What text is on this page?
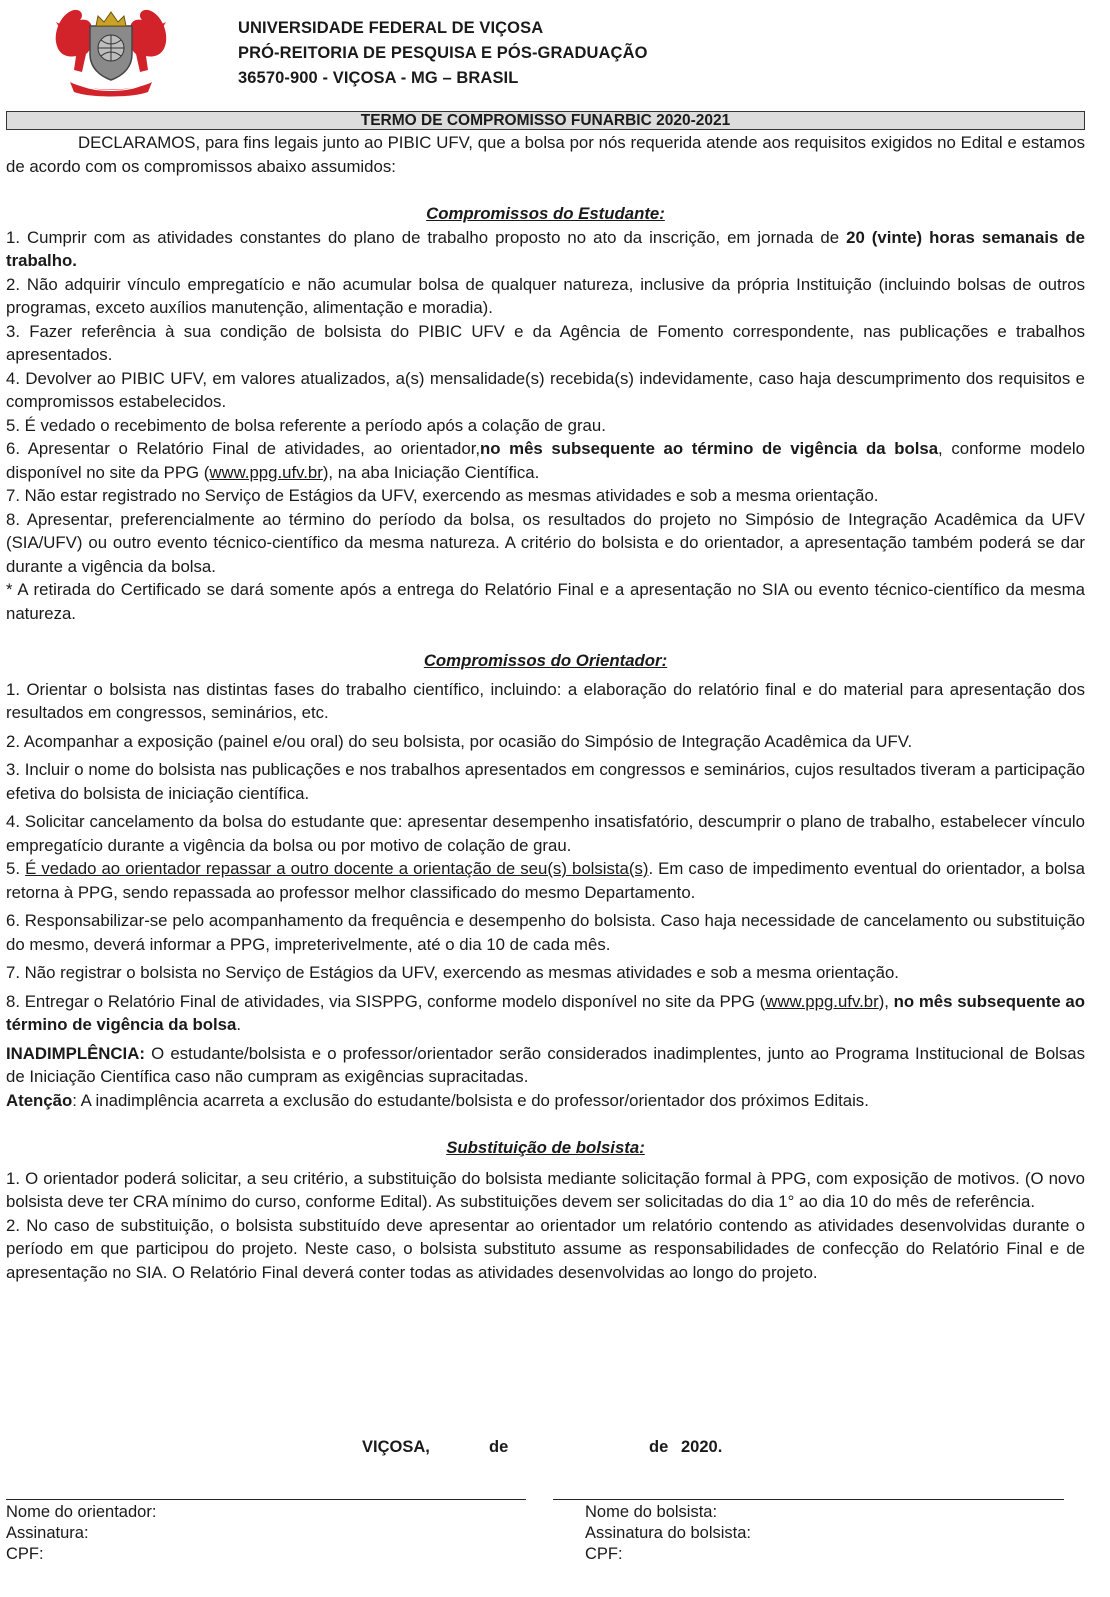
UNIVERSIDADE FEDERAL DE VIÇOSA
PRÓ-REITORIA DE PESQUISA E PÓS-GRADUAÇÃO
36570-900 - VIÇOSA - MG – BRASIL
TERMO DE COMPROMISSO FUNARBIC 2020-2021

DECLARAMOS, para fins legais junto ao PIBIC UFV, que a bolsa por nós requerida atende aos requisitos exigidos no Edital e estamos de acordo com os compromissos abaixo assumidos:

Compromissos do Estudante:

1. Cumprir com as atividades constantes do plano de trabalho proposto no ato da inscrição, em jornada de 20 (vinte) horas semanais de trabalho.

2. Não adquirir vínculo empregatício e não acumular bolsa de qualquer natureza, inclusive da própria Instituição (incluindo bolsas de outros programas, exceto auxílios manutenção, alimentação e moradia).

3. Fazer referência à sua condição de bolsista do PIBIC UFV e da Agência de Fomento correspondente, nas publicações e trabalhos apresentados.

4. Devolver ao PIBIC UFV, em valores atualizados, a(s) mensalidade(s) recebida(s) indevidamente, caso haja descumprimento dos requisitos e compromissos estabelecidos.

5. É vedado o recebimento de bolsa referente a período após a colação de grau.

6. Apresentar o Relatório Final de atividades, ao orientador,no mês subsequente ao término de vigência da bolsa, conforme modelo disponível no site da PPG (www.ppg.ufv.br), na aba Iniciação Científica.

7. Não estar registrado no Serviço de Estágios da UFV, exercendo as mesmas atividades e sob a mesma orientação.

8. Apresentar, preferencialmente ao término do período da bolsa, os resultados do projeto no Simpósio de Integração Acadêmica da UFV (SIA/UFV) ou outro evento técnico-científico da mesma natureza. A critério do bolsista e do orientador, a apresentação também poderá se dar durante a vigência da bolsa.

* A retirada do Certificado se dará somente após a entrega do Relatório Final e a apresentação no SIA ou evento técnico-científico da mesma natureza.

Compromissos do Orientador:

1. Orientar o bolsista nas distintas fases do trabalho científico, incluindo: a elaboração do relatório final e do material para apresentação dos resultados em congressos, seminários, etc.

2. Acompanhar a exposição (painel e/ou oral) do seu bolsista, por ocasião do Simpósio de Integração Acadêmica da UFV.

3. Incluir o nome do bolsista nas publicações e nos trabalhos apresentados em congressos e seminários, cujos resultados tiveram a participação efetiva do bolsista de iniciação científica.

4. Solicitar cancelamento da bolsa do estudante que: apresentar desempenho insatisfatório, descumprir o plano de trabalho, estabelecer vínculo empregatício durante a vigência da bolsa ou por motivo de colação de grau.

5. É vedado ao orientador repassar a outro docente a orientação de seu(s) bolsista(s). Em caso de impedimento eventual do orientador, a bolsa retorna à PPG, sendo repassada ao professor melhor classificado do mesmo Departamento.

6. Responsabilizar-se pelo acompanhamento da frequência e desempenho do bolsista. Caso haja necessidade de cancelamento ou substituição do mesmo, deverá informar a PPG, impreterivelmente, até o dia 10 de cada mês.

7. Não registrar o bolsista no Serviço de Estágios da UFV, exercendo as mesmas atividades e sob a mesma orientação.

8. Entregar o Relatório Final de atividades, via SISPPG, conforme modelo disponível no site da PPG (www.ppg.ufv.br), no mês subsequente ao término de vigência da bolsa.

INADIMPLÊNCIA: O estudante/bolsista e o professor/orientador serão considerados inadimplentes, junto ao Programa Institucional de Bolsas de Iniciação Científica caso não cumpram as exigências supracitadas.

Atenção: A inadimplência acarreta a exclusão do estudante/bolsista e do professor/orientador dos próximos Editais.

Substituição de bolsista:

1. O orientador poderá solicitar, a seu critério, a substituição do bolsista mediante solicitação formal à PPG, com exposição de motivos. (O novo bolsista deve ter CRA mínimo do curso, conforme Edital). As substituições devem ser solicitadas do dia 1° ao dia 10 do mês de referência.

2. No caso de substituição, o bolsista substituído deve apresentar ao orientador um relatório contendo as atividades desenvolvidas durante o período em que participou do projeto. Neste caso, o bolsista substituto assume as responsabilidades de confecção do Relatório Final e de apresentação no SIA. O Relatório Final deverá conter todas as atividades desenvolvidas ao longo do projeto.

VIÇOSA,	de	de 2020.
Nome do orientador:
Assinatura:
CPF:
Nome do bolsista:
Assinatura do bolsista:
CPF:
